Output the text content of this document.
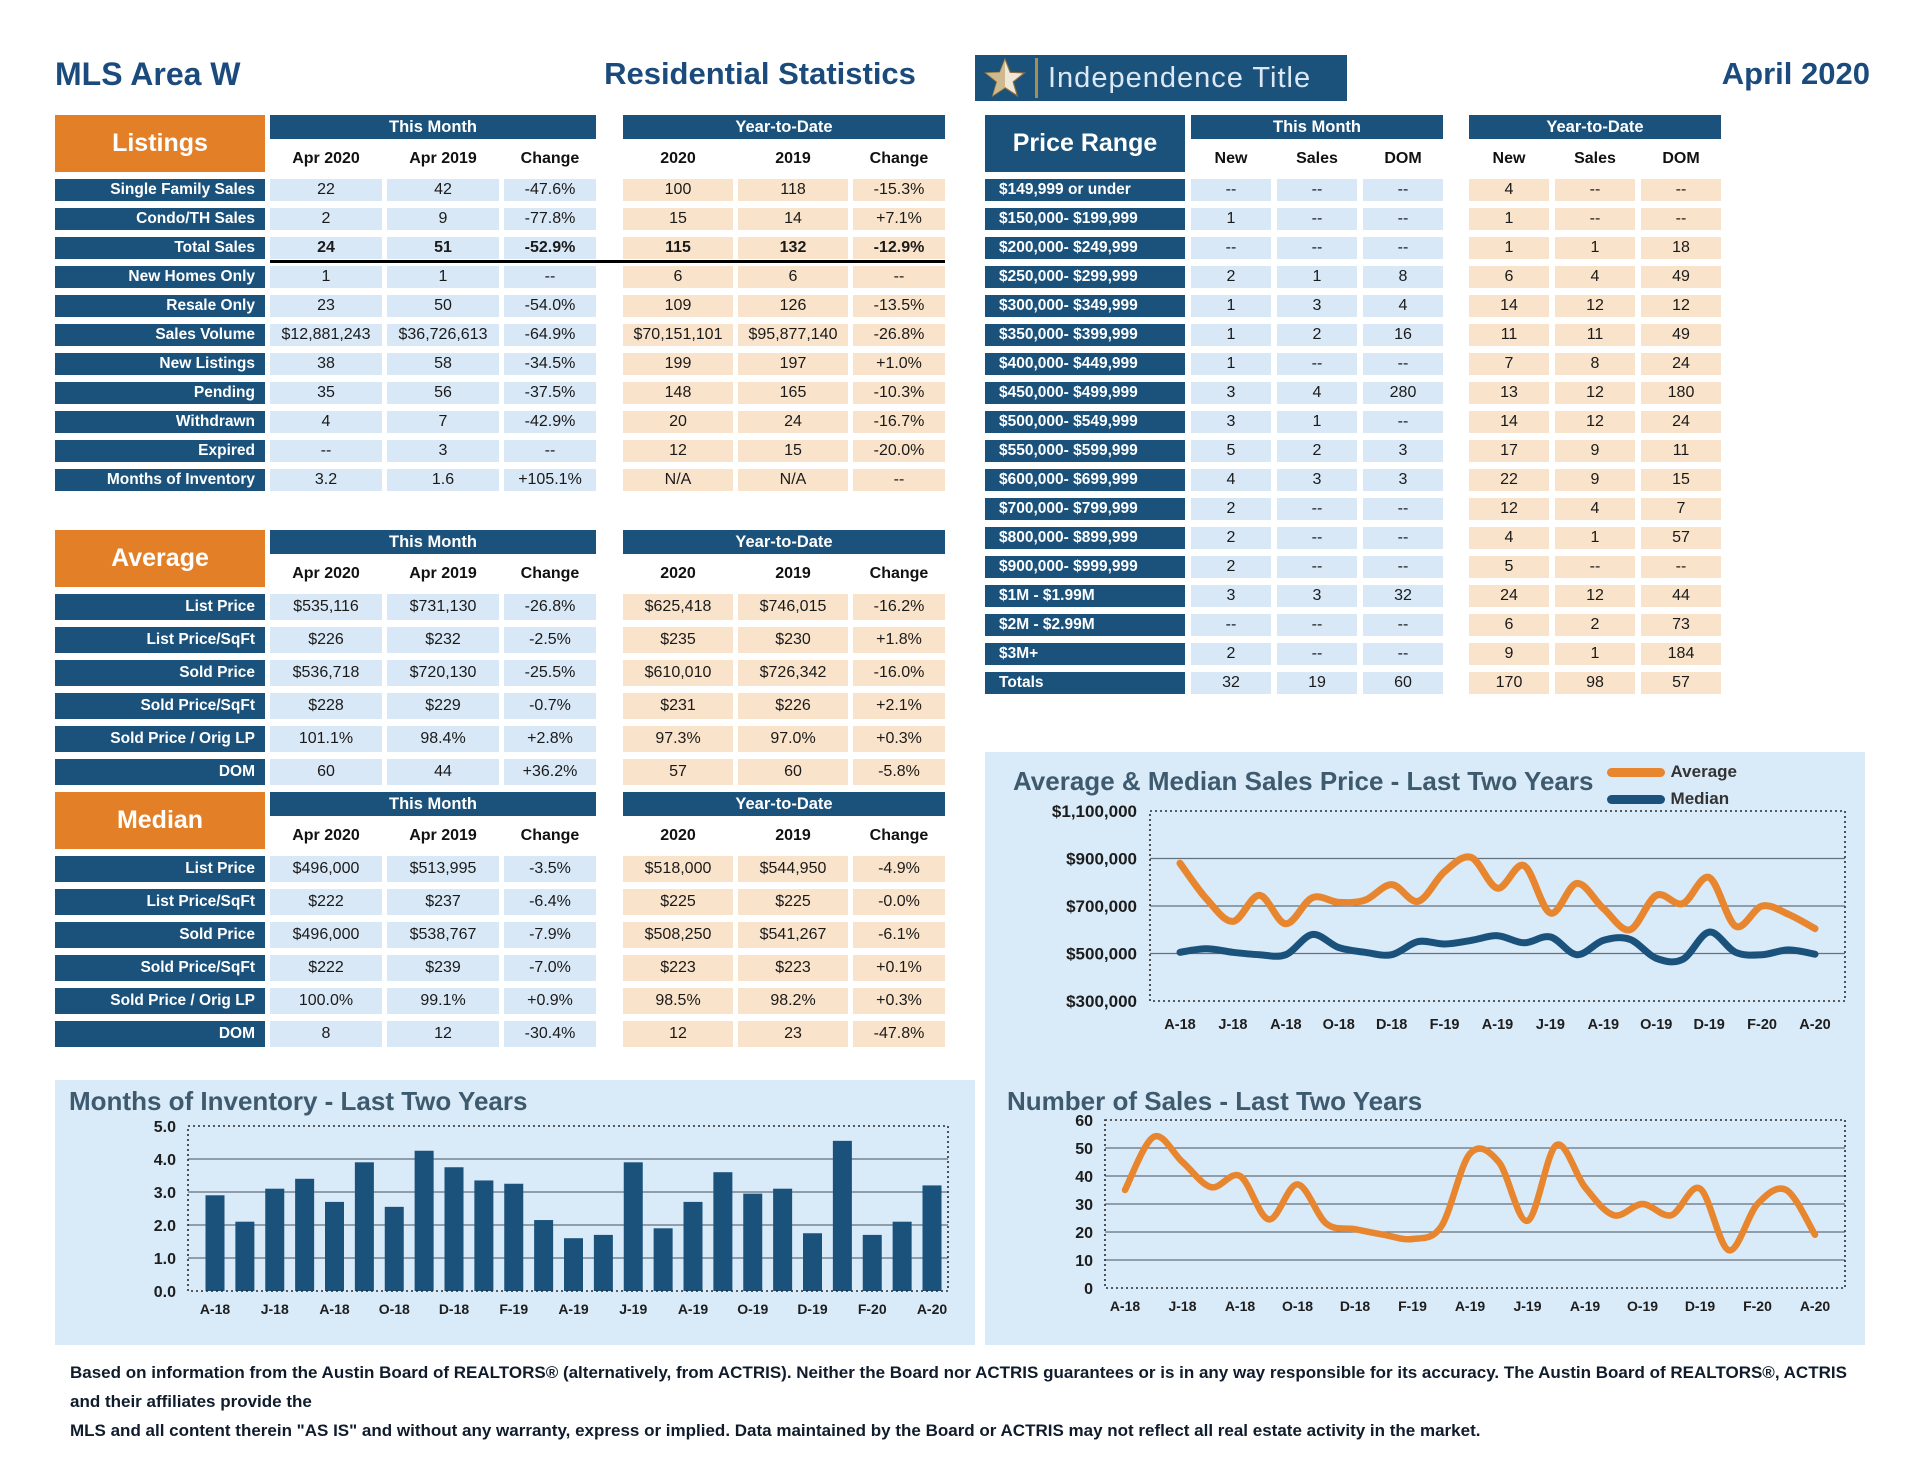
MLS Area W	Residential Statistics	Independence Title	April 2020
Listings
This Month	Year-to-Date
Apr 2020	Apr 2019	Change	2020	2019	Change
Single Family Sales	22	42	-47.6%	100	118	-15.3%
Condo/TH Sales	2	9	-77.8%	15	14	+7.1%
Total Sales	24	51	-52.9%	115	132	-12.9%
New Homes Only	1	1	--	6	6	--
Resale Only	23	50	-54.0%	109	126	-13.5%
Sales Volume	$12,881,243	$36,726,613	-64.9%	$70,151,101	$95,877,140	-26.8%
New Listings	38	58	-34.5%	199	197	+1.0%
Pending	35	56	-37.5%	148	165	-10.3%
Withdrawn	4	7	-42.9%	20	24	-16.7%
Expired	--	3	--	12	15	-20.0%
Months of Inventory	3.2	1.6	+105.1%	N/A	N/A	--
Average
This Month	Year-to-Date
Apr 2020	Apr 2019	Change	2020	2019	Change
List Price	$535,116	$731,130	-26.8%	$625,418	$746,015	-16.2%
List Price/SqFt	$226	$232	-2.5%	$235	$230	+1.8%
Sold Price	$536,718	$720,130	-25.5%	$610,010	$726,342	-16.0%
Sold Price/SqFt	$228	$229	-0.7%	$231	$226	+2.1%
Sold Price / Orig LP	101.1%	98.4%	+2.8%	97.3%	97.0%	+0.3%
DOM	60	44	+36.2%	57	60	-5.8%
Median
This Month	Year-to-Date
Apr 2020	Apr 2019	Change	2020	2019	Change
List Price	$496,000	$513,995	-3.5%	$518,000	$544,950	-4.9%
List Price/SqFt	$222	$237	-6.4%	$225	$225	-0.0%
Sold Price	$496,000	$538,767	-7.9%	$508,250	$541,267	-6.1%
Sold Price/SqFt	$222	$239	-7.0%	$223	$223	+0.1%
Sold Price / Orig LP	100.0%	99.1%	+0.9%	98.5%	98.2%	+0.3%
DOM	8	12	-30.4%	12	23	-47.8%
Price Range
This Month	Year-to-Date
New	Sales	DOM	New	Sales	DOM
$149,999 or under	--	--	--	4	--	--
$150,000- $199,999	1	--	--	1	--	--
$200,000- $249,999	--	--	--	1	1	18
$250,000- $299,999	2	1	8	6	4	49
$300,000- $349,999	1	3	4	14	12	12
$350,000- $399,999	1	2	16	11	11	49
$400,000- $449,999	1	--	--	7	8	24
$450,000- $499,999	3	4	280	13	12	180
$500,000- $549,999	3	1	--	14	12	24
$550,000- $599,999	5	2	3	17	9	11
$600,000- $699,999	4	3	3	22	9	15
$700,000- $799,999	2	--	--	12	4	7
$800,000- $899,999	2	--	--	4	1	57
$900,000- $999,999	2	--	--	5	--	--
$1M - $1.99M	3	3	32	24	12	44
$2M - $2.99M	--	--	--	6	2	73
$3M+	2	--	--	9	1	184
Totals	32	19	60	170	98	57
Average & Median Sales Price - Last Two Years	Average
Median
$300,000
$500,000
$700,000
$900,000
$1,100,000
A-18 J-18 A-18 O-18 D-18 F-19 A-19 J-19 A-19 O-19 D-19 F-20 A-20
Months of Inventory - Last Two Years
0.0
1.0
2.0
3.0
4.0
5.0
A-18 J-18 A-18 O-18 D-18 F-19 A-19 J-19 A-19 O-19 D-19 F-20 A-20
Number of Sales - Last Two Years
0
10
20
30
40
50
60
A-18 J-18 A-18 O-18 D-18 F-19 A-19 J-19 A-19 O-19 D-19 F-20 A-20
Based on information from the Austin Board of REALTORS® (alternatively, from ACTRIS). Neither the Board nor ACTRIS guarantees or is in any way responsible for its accuracy. The Austin Board of REALTORS®, ACTRIS and their affiliates provide the
MLS and all content therein "AS IS" and without any warranty, express or implied. Data maintained by the Board or ACTRIS may not reflect all real estate activity in the market.
